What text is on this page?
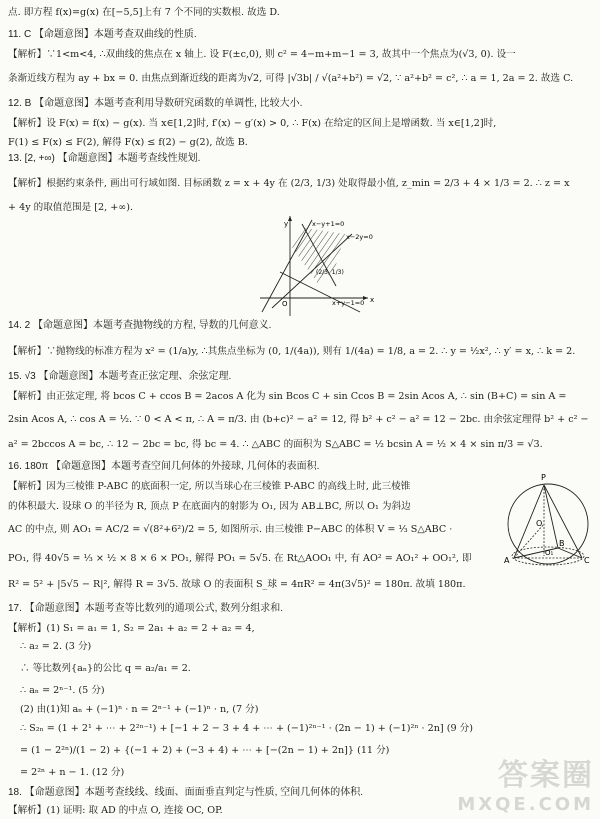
点. 即方程 f(x)=g(x) 在[−5,5]上有 7 个不同的实数根. 故选 D.
11. C 【命题意图】本题考查双曲线的性质.
【解析】∵1<m<4, ∴双曲线的焦点在 x 轴上. 设 F(±c,0), 则 c² = 4−m+m−1 = 3, 故其中一个焦点为(√3, 0). 设一
条渐近线方程为 ay + bx = 0. 由焦点到渐近线的距离为√2, 可得 |√3b| / √(a²+b²) = √2, ∵ a²+b² = c², ∴ a = 1, 2a = 2. 故选 C.
12. B 【命题意图】本题考查利用导数研究函数的单调性, 比较大小.
【解析】设 F(x) = f(x) − g(x). 当 x∈[1,2]时, f′(x) − g′(x) > 0, ∴ F(x) 在给定的区间上是增函数. 当 x∈[1,2]时,
F(1) ≤ F(x) ≤ F(2), 解得 F(x) ≤ f(2) − g(2), 故选 B.
13. [2, +∞) 【命题意图】本题考查线性规划.
【解析】根据约束条件, 画出可行域如图. 目标函数 z = x + 4y 在 (2/3, 1/3) 处取得最小值, z_min = 2/3 + 4 × 1/3 = 2. ∴ z = x
+ 4y 的取值范围是 [2, +∞).
y
x
O
x−y+1=0
x−2y=0
x+y−1=0
(2/3, 1/3)
14. 2 【命题意图】本题考查抛物线的方程, 导数的几何意义.
【解析】∵抛物线的标准方程为 x² = (1/a)y, ∴其焦点坐标为 (0, 1/(4a)), 则有 1/(4a) = 1/8, a = 2. ∴ y = ½x², ∴ y′ = x, ∴ k = 2.
15. √3 【命题意图】本题考查正弦定理、余弦定理.
【解析】由正弦定理, 将 bcos C + ccos B = 2acos A 化为 sin Bcos C + sin Ccos B = 2sin Acos A, ∴ sin (B+C) = sin A =
2sin Acos A, ∴ cos A = ½. ∵ 0 < A < π, ∴ A = π/3. 由 (b+c)² − a² = 12, 得 b² + c² − a² = 12 − 2bc. 由余弦定理得 b² + c² −
a² = 2bccos A = bc, ∴ 12 − 2bc = bc, 得 bc = 4. ∴ △ABC 的面积为 S△ABC = ½ bcsin A = ½ × 4 × sin π/3 = √3.
16. 180π 【命题意图】本题考查空间几何体的外接球, 几何体的表面积.
【解析】因为三棱锥 P-ABC 的底面积一定, 所以当球心在三棱锥 P-ABC 的高线上时, 此三棱锥
的体积最大. 设球 O 的半径为 R, 顶点 P 在底面内的射影为 O₁, 因为 AB⊥BC, 所以 O₁ 为斜边
AC 的中点, 则 AO₁ = AC/2 = √(8²+6²)/2 = 5, 如图所示. 由三棱锥 P−ABC 的体积 V = ⅓ S△ABC ·
PO₁, 得 40√5 = ⅓ × ½ × 8 × 6 × PO₁, 解得 PO₁ = 5√5. 在 Rt△AOO₁ 中, 有 AO² = AO₁² + OO₁², 即
R² = 5² + |5√5 − R|², 解得 R = 3√5. 故球 O 的表面积 S_球 = 4πR² = 4π(3√5)² = 180π. 故填 180π.
P
O
A
B
C
O₁
17. 【命题意图】本题考查等比数列的通项公式, 数列分组求和.
【解析】(1) S₁ = a₁ = 1, S₂ = 2a₁ + a₂ = 2 + a₂ = 4,
∴ a₂ = 2. (3 分)
∴ 等比数列{aₙ}的公比 q = a₂/a₁ = 2.
∴ aₙ = 2ⁿ⁻¹. (5 分)
(2) 由(1)知 aₙ + (−1)ⁿ · n = 2ⁿ⁻¹ + (−1)ⁿ · n, (7 分)
∴ S₂ₙ = (1 + 2¹ + ⋯ + 2²ⁿ⁻¹) + [−1 + 2 − 3 + 4 + ⋯ + (−1)²ⁿ⁻¹ · (2n − 1) + (−1)²ⁿ · 2n] (9 分)
= (1 − 2²ⁿ)/(1 − 2) + {(−1 + 2) + (−3 + 4) + ⋯ + [−(2n − 1) + 2n]} (11 分)
= 2²ⁿ + n − 1. (12 分)
18. 【命题意图】本题考查线线、线面、面面垂直判定与性质, 空间几何体的体积.
【解析】(1) 证明: 取 AD 的中点 O, 连接 OC, OP.
答案圈
MXQE.COM
